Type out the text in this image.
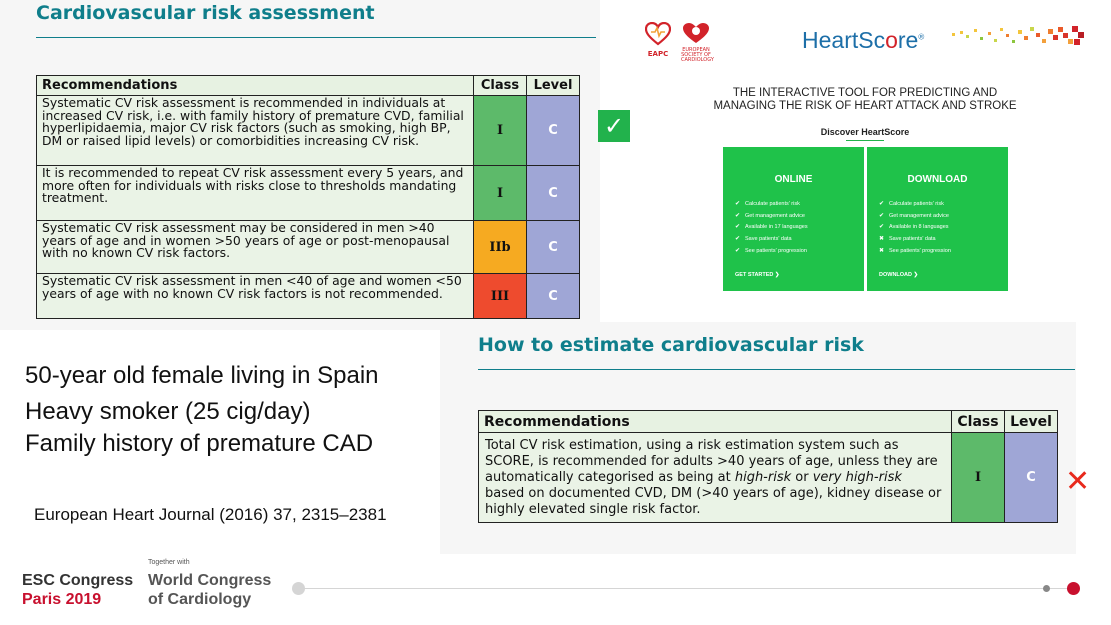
Cardiovascular risk assessment
Recommendations	Class	Level
Systematic CV risk assessment is recommended in individuals at increased CV risk, i.e. with family history of premature CVD, familial hyperlipidaemia, major CV risk factors (such as smoking, high BP, DM or raised lipid levels) or comorbidities increasing CV risk.	I	C
It is recommended to repeat CV risk assessment every 5 years, and more often for individuals with risks close to thresholds mandating treatment.	I	C
Systematic CV risk assessment may be considered in men >40 years of age and in women >50 years of age or post-menopausal with no known CV risk factors.	IIb	C
Systematic CV risk assessment in men <40 of age and women <50 years of age with no known CV risk factors is not recommended.	III	C
✓
EAPC	EUROPEAN SOCIETY OF CARDIOLOGY
HeartScore®
THE INTERACTIVE TOOL FOR PREDICTING AND
MANAGING THE RISK OF HEART ATTACK AND STROKE
Discover HeartScore
ONLINE
✔ Calculate patients' risk
✔ Get management advice
✔ Available in 17 languages
✔ Save patients' data
✔ See patients' progression
GET STARTED ❯
DOWNLOAD
✔ Calculate patients' risk
✔ Get management advice
✔ Available in 8 languages
✖ Save patients' data
✖ See patients' progression
DOWNLOAD ❯
How to estimate cardiovascular risk
Recommendations	Class	Level
Total CV risk estimation, using a risk estimation system such as SCORE, is recommended for adults >40 years of age, unless they are automatically categorised as being at high-risk or very high-risk based on documented CVD, DM (>40 years of age), kidney disease or highly elevated single risk factor.	I	C ✕
50-year old female living in Spain
Heavy smoker (25 cig/day)
Family history of premature CAD
European Heart Journal (2016) 37, 2315–2381
ESC Congress
Paris 2019
Together with
World Congress
of Cardiology
